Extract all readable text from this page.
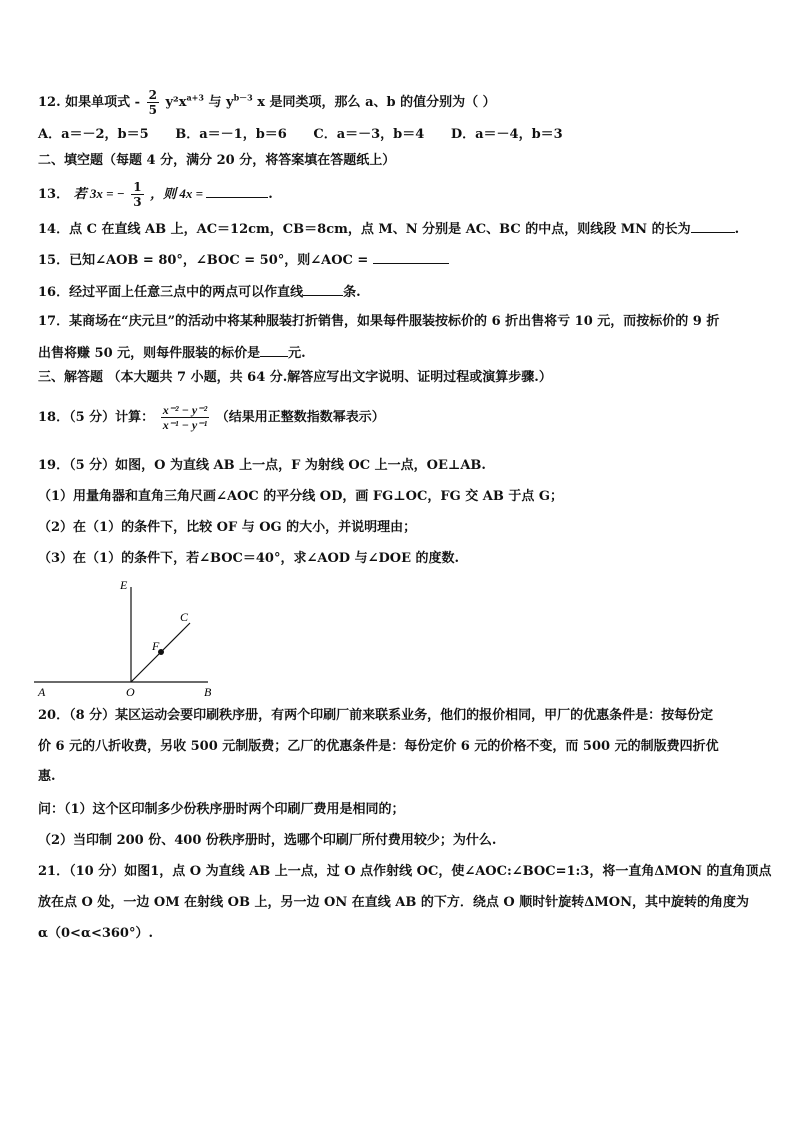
12. 如果单项式 - $\frac{2}{5} y^2x^{a+3}$ 与 $y^{b-3}$ x 是同类项，那么 a、b 的值分别为（ ）
A．a＝－2，b＝5 B．a＝－1，b＝6 C．a＝－3，b＝4 D．a＝－4，b＝3
二、填空题（每题 4 分，满分 20 分，将答案填在答题纸上）
13． 若 3x = − $\frac{1}{3}$ ，则 4x =	.
14．点 C 在直线 AB 上，AC＝12cm，CB＝8cm，点 M、N 分别是 AC、BC 的中点，则线段 MN 的长为	.
15．已知∠AOB = 80°，∠BOC = 50°，则∠AOC =
16．经过平面上任意三点中的两点可以作直线	条.
17．某商场在“庆元旦”的活动中将某种服装打折销售，如果每件服装按标价的 6 折出售将亏 10 元，而按标价的 9 折
出售将赚 50 元，则每件服装的标价是 元.
三、解答题 （本大题共 7 小题，共 64 分.解答应写出文字说明、证明过程或演算步骤.）
18．（5 分）计算： $\frac{\text{x⁻² − y⁻²}}{\text{x⁻¹ − y⁻¹}}$ （结果用正整数指数幂表示）
19．（5 分）如图，O 为直线 AB 上一点，F 为射线 OC 上一点，OE⊥AB.
（1）用量角器和直角三角尺画∠AOC 的平分线 OD，画 FG⊥OC，FG 交 AB 于点 G；
（2）在（1）的条件下，比较 OF 与 OG 的大小，并说明理由；
（3）在（1）的条件下，若∠BOC＝40°，求∠AOD 与∠DOE 的度数.
E
C
F
A	O	B
20．（8 分）某区运动会要印刷秩序册，有两个印刷厂前来联系业务，他们的报价相同，甲厂的优惠条件是：按每份定
价 6 元的八折收费，另收 500 元制版费；乙厂的优惠条件是：每份定价 6 元的价格不变，而 500 元的制版费四折优
惠.
问：（1）这个区印制多少份秩序册时两个印刷厂费用是相同的；
（2）当印制 200 份、400 份秩序册时，选哪个印刷厂所付费用较少；为什么.
21．（10 分）如图1，点 O 为直线 AB 上一点，过 O 点作射线 OC，使∠AOC:∠BOC=1:3，将一直角ΔMON 的直角顶点
放在点 O 处，一边 OM 在射线 OB 上，另一边 ON 在直线 AB 的下方．绕点 O 顺时针旋转ΔMON，其中旋转的角度为
α（0<α<360°）.
